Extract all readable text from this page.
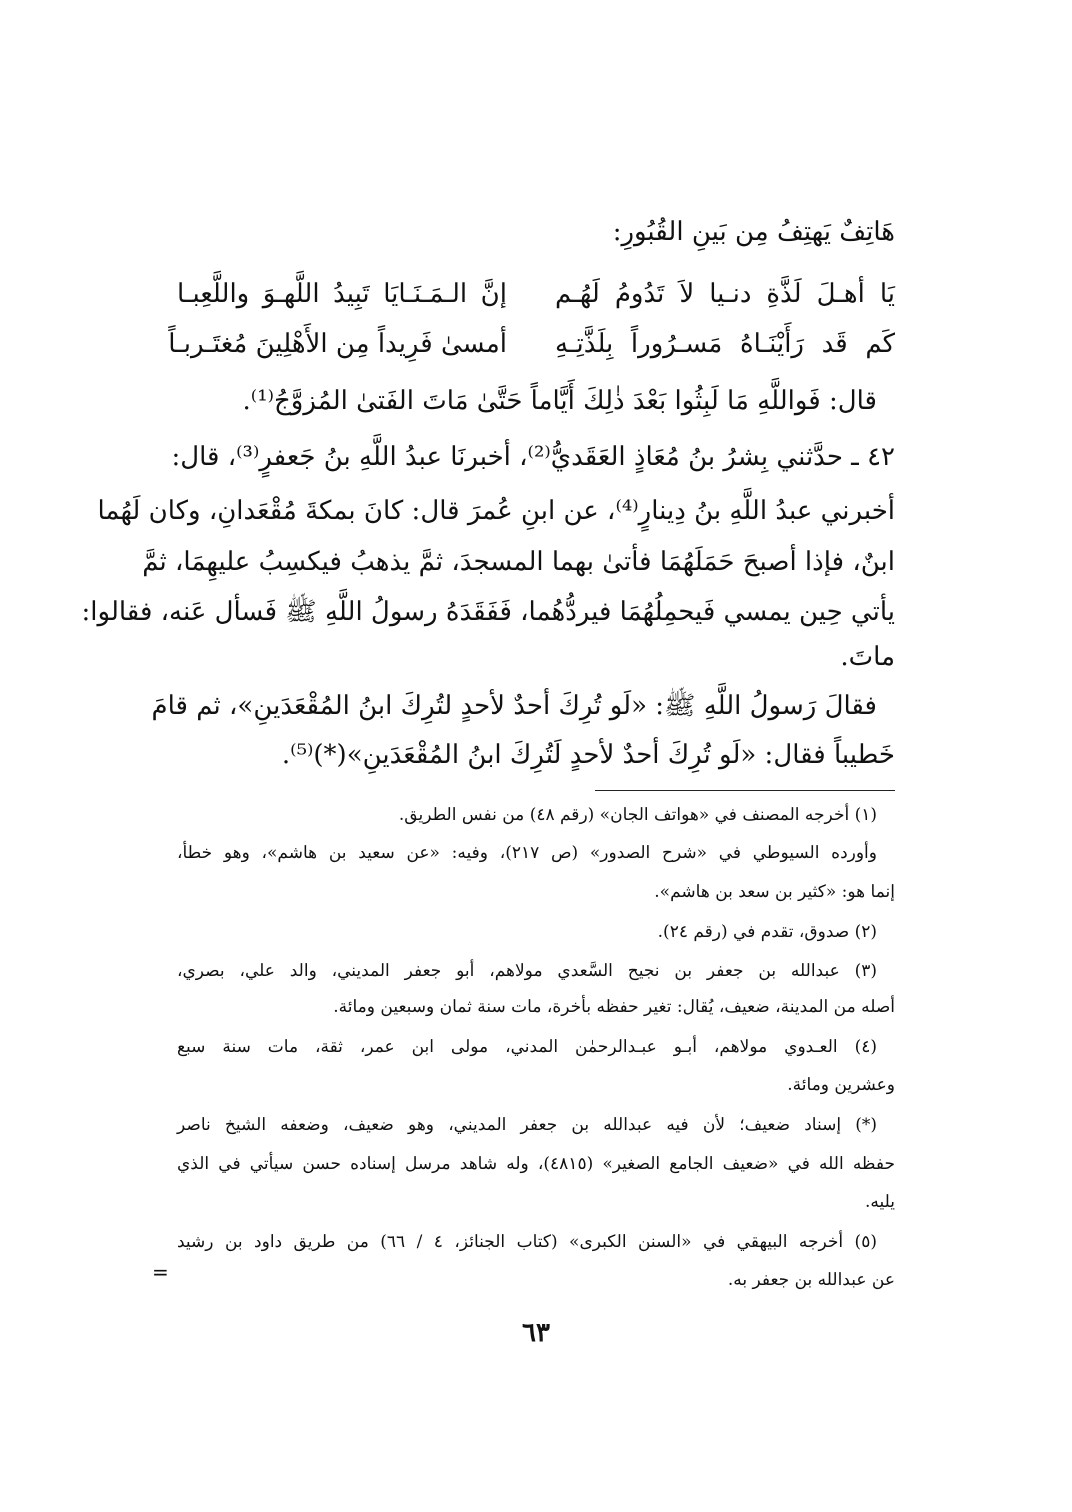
هَاتِفٌ يَهتِفُ مِن بَينِ القُبُورِ:
يَا أهـلَ لَذَّةِ دنـيا لاَ تَدُومُ لَهُـم
إنَّ الـمَـنَـايَا تَبِيدُ اللَّهـوَ واللَّعِبـا
كَم قَد رَأَيْنَـاهُ مَسـرُوراً بِلَذَّتِـهِ
أمسىٰ فَرِيداً مِن الأَهْلِينَ مُغتَـربـاً
قال: فَواللَّهِ مَا لَبِثُوا بَعْدَ ذٰلِكَ أَيَّاماً حَتَّىٰ مَاتَ الفَتىٰ المُزوَّجُ⁽¹⁾.
٤٢ ـ حدَّثني بِشرُ بنُ مُعَاذٍ العَقَديُّ⁽²⁾، أخبرنَا عبدُ اللَّهِ بنُ جَعفرٍ⁽³⁾، قال:
أخبرني عبدُ اللَّهِ بنُ دِينارٍ⁽⁴⁾، عن ابنِ عُمرَ قال: كانَ بمكةَ مُقْعَدانِ، وكان لَهُما
ابنٌ، فإذا أصبحَ حَمَلَهُمَا فأتىٰ بهما المسجدَ، ثمَّ يذهبُ فيكسِبُ عليهِمَا، ثمَّ
يأتي حِين يمسي فَيحمِلُهُمَا فيردُّهُما، فَفَقَدَهُ رسولُ اللَّهِ ﷺ فَسأل عَنه، فقالوا:
ماتَ.
فقالَ رَسولُ اللَّهِ ﷺ: «لَو تُرِكَ أحدٌ لأحدٍ لتُرِكَ ابنُ المُقْعَدَينِ»، ثم قامَ
خَطيباً فقال: «لَو تُرِكَ أحدٌ لأحدٍ لَتُرِكَ ابنُ المُقْعَدَينِ»(*)⁽⁵⁾.
(١) أخرجه المصنف في «هواتف الجان» (رقم ٤٨) من نفس الطريق.
وأورده السيوطي في «شرح الصدور» (ص ٢١٧)، وفيه: «عن سعيد بن هاشم»، وهو خطأ،
إنما هو: «كثير بن سعد بن هاشم».
(٢) صدوق، تقدم في (رقم ٢٤).
(٣) عبدالله بن جعفر بن نجيح السَّعدي مولاهم، أبو جعفر المديني، والد علي، بصري،
أصله من المدينة، ضعيف، يُقال: تغير حفظه بأخرة، مات سنة ثمان وسبعين ومائة.
(٤) العـدوي مولاهم، أبـو عبـدالرحمٰن المدني، مولى ابن عمر، ثقة، مات سنة سبع
وعشرين ومائة.
(*) إسناد ضعيف؛ لأن فيه عبدالله بن جعفر المديني، وهو ضعيف، وضعفه الشيخ ناصر
حفظه الله في «ضعيف الجامع الصغير» (٤٨١٥)، وله شاهد مرسل إسناده حسن سيأتي في الذي
يليه.
(٥) أخرجه البيهقي في «السنن الكبرى» (كتاب الجنائز، ٤ / ٦٦) من طريق داود بن رشيد
عن عبدالله بن جعفر به.
=
٦٣
